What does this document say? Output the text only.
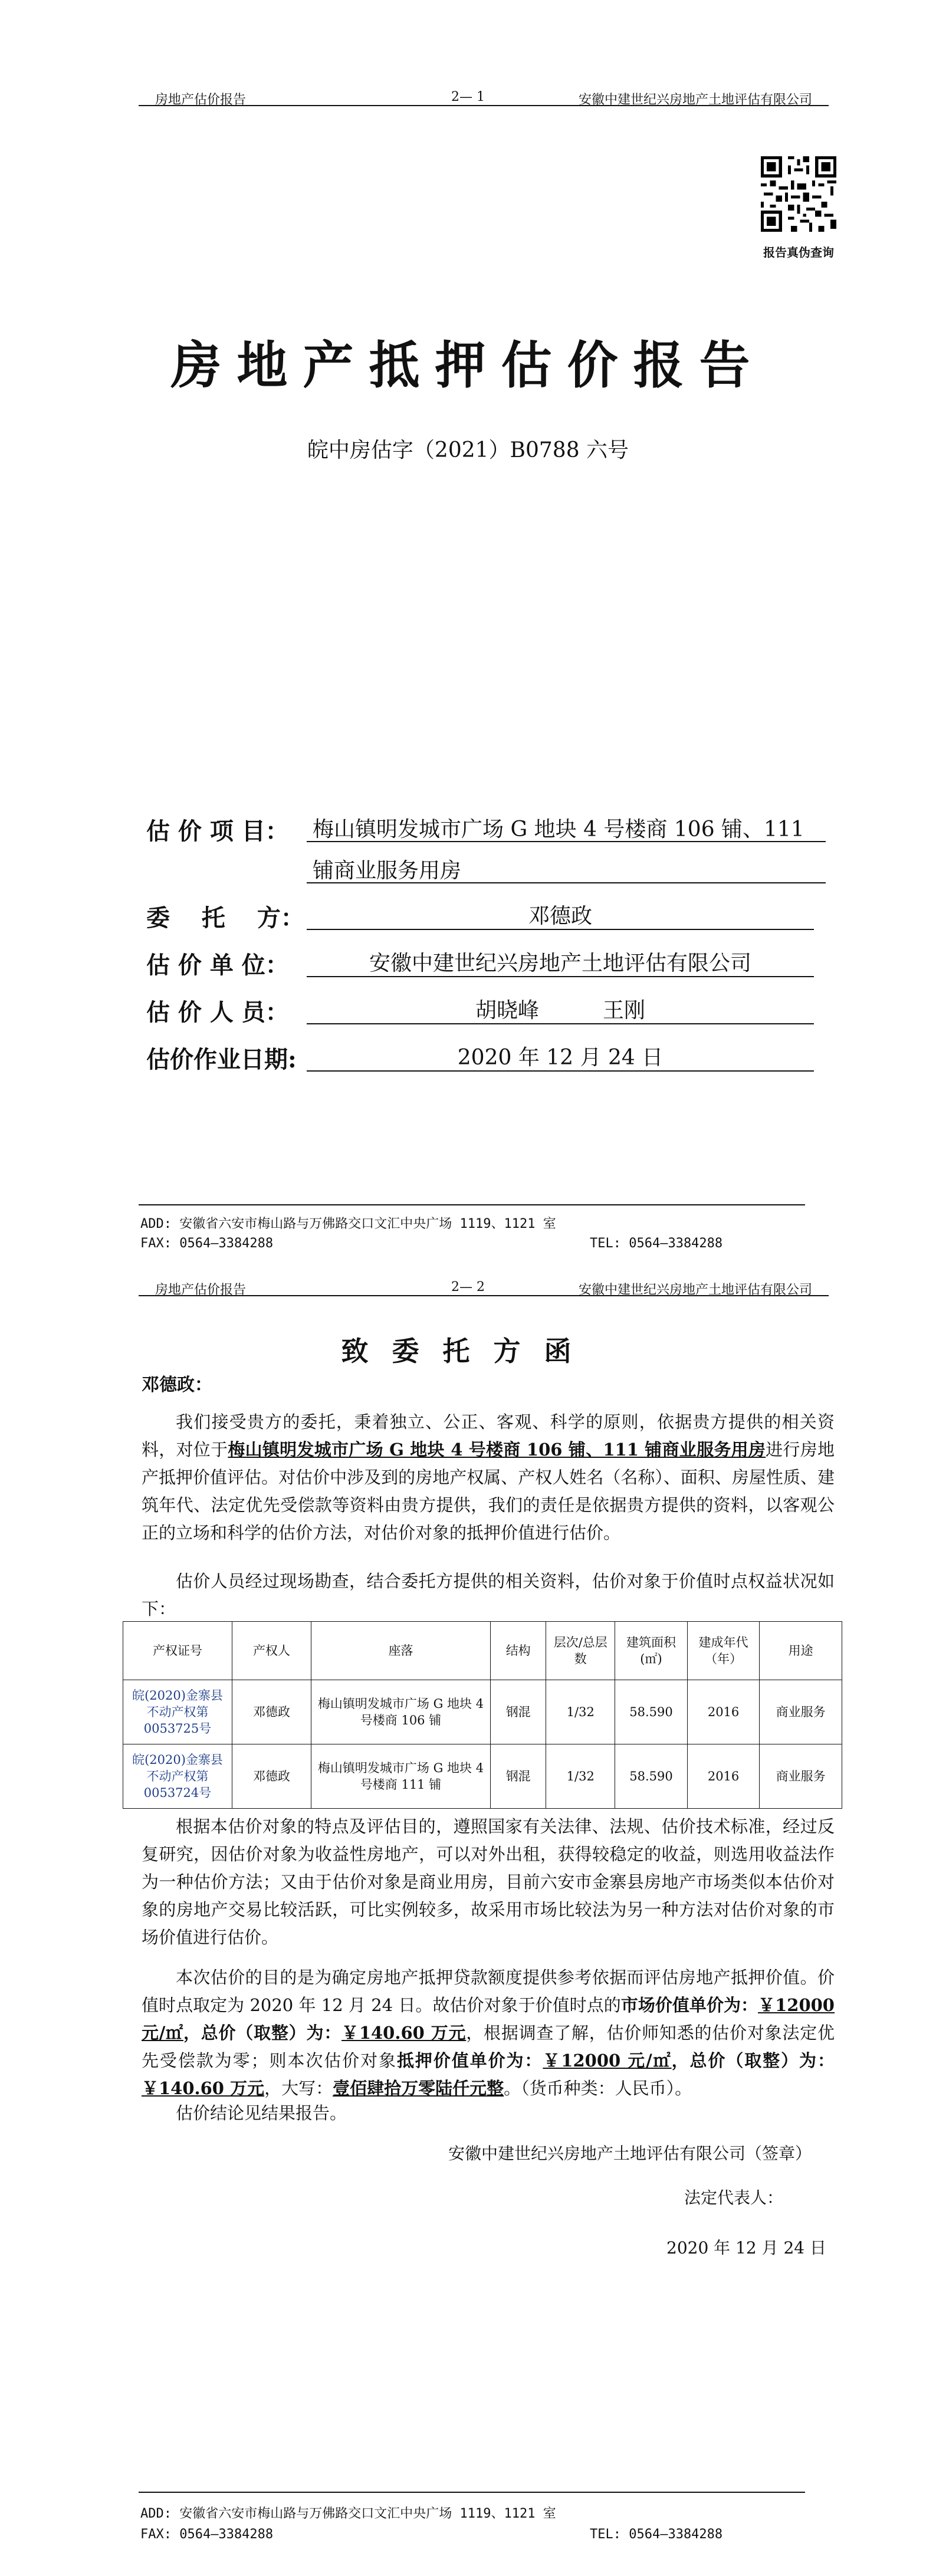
房地产估价报告	2— 1	安徽中建世纪兴房地产土地评估有限公司
报告真伪查询
房地产抵押估价报告
皖中房估字（2021）B0788 六号
估 价 项 目： 梅山镇明发城市广场 G 地块 4 号楼商 106 铺、111
铺商业服务用房
委　 托　 方：	邓德政
估 价 单 位：	安徽中建世纪兴房地产土地评估有限公司
估 价 人 员：	胡晓峰　　　王刚
估价作业日期:	2020 年 12 月 24 日
ADD: 安徽省六安市梅山路与万佛路交口文汇中央广场 1119、1121 室
FAX: 0564—3384288	TEL: 0564—3384288
房地产估价报告	2— 2	安徽中建世纪兴房地产土地评估有限公司
致委托方函
邓德政：

我们接受贵方的委托，秉着独立、公正、客观、科学的原则，依据贵方提供的相关资料，对位于梅山镇明发城市广场 G 地块 4 号楼商 106 铺、111 铺商业服务用房进行房地产抵押价值评估。对估价中涉及到的房地产权属、产权人姓名（名称）、面积、房屋性质、建筑年代、法定优先受偿款等资料由贵方提供，我们的责任是依据贵方提供的资料，以客观公正的立场和科学的估价方法，对估价对象的抵押价值进行估价。

估价人员经过现场勘查，结合委托方提供的相关资料，估价对象于价值时点权益状况如下：

产权证号	产权人	座落	结构	层次/总层数	建筑面积(㎡)	建成年代（年）	用途
皖(2020)金寨县不动产权第0053725号	邓德政	梅山镇明发城市广场 G 地块 4 号楼商 106 铺	钢混	1/32	58.590	2016	商业服务
皖(2020)金寨县不动产权第0053724号	邓德政	梅山镇明发城市广场 G 地块 4 号楼商 111 铺	钢混	1/32	58.590	2016	商业服务

根据本估价对象的特点及评估目的，遵照国家有关法律、法规、估价技术标准，经过反复研究，因估价对象为收益性房地产，可以对外出租，获得较稳定的收益，则选用收益法作为一种估价方法；又由于估价对象是商业用房，目前六安市金寨县房地产市场类似本估价对象的房地产交易比较活跃，可比实例较多，故采用市场比较法为另一种方法对估价对象的市场价值进行估价。

本次估价的目的是为确定房地产抵押贷款额度提供参考依据而评估房地产抵押价值。价值时点取定为 2020 年 12 月 24 日。故估价对象于价值时点的市场价值单价为：￥12000 元/㎡，总价（取整）为：￥140.60 万元，根据调查了解，估价师知悉的估价对象法定优先受偿款为零；则本次估价对象抵押价值单价为：￥12000 元/㎡，总价（取整）为：￥140.60 万元，大写：壹佰肆拾万零陆仟元整。（货币种类：人民币）。

估价结论见结果报告。

安徽中建世纪兴房地产土地评估有限公司（签章）
法定代表人：
2020 年 12 月 24 日
ADD: 安徽省六安市梅山路与万佛路交口文汇中央广场 1119、1121 室
FAX: 0564—3384288	TEL: 0564—3384288
